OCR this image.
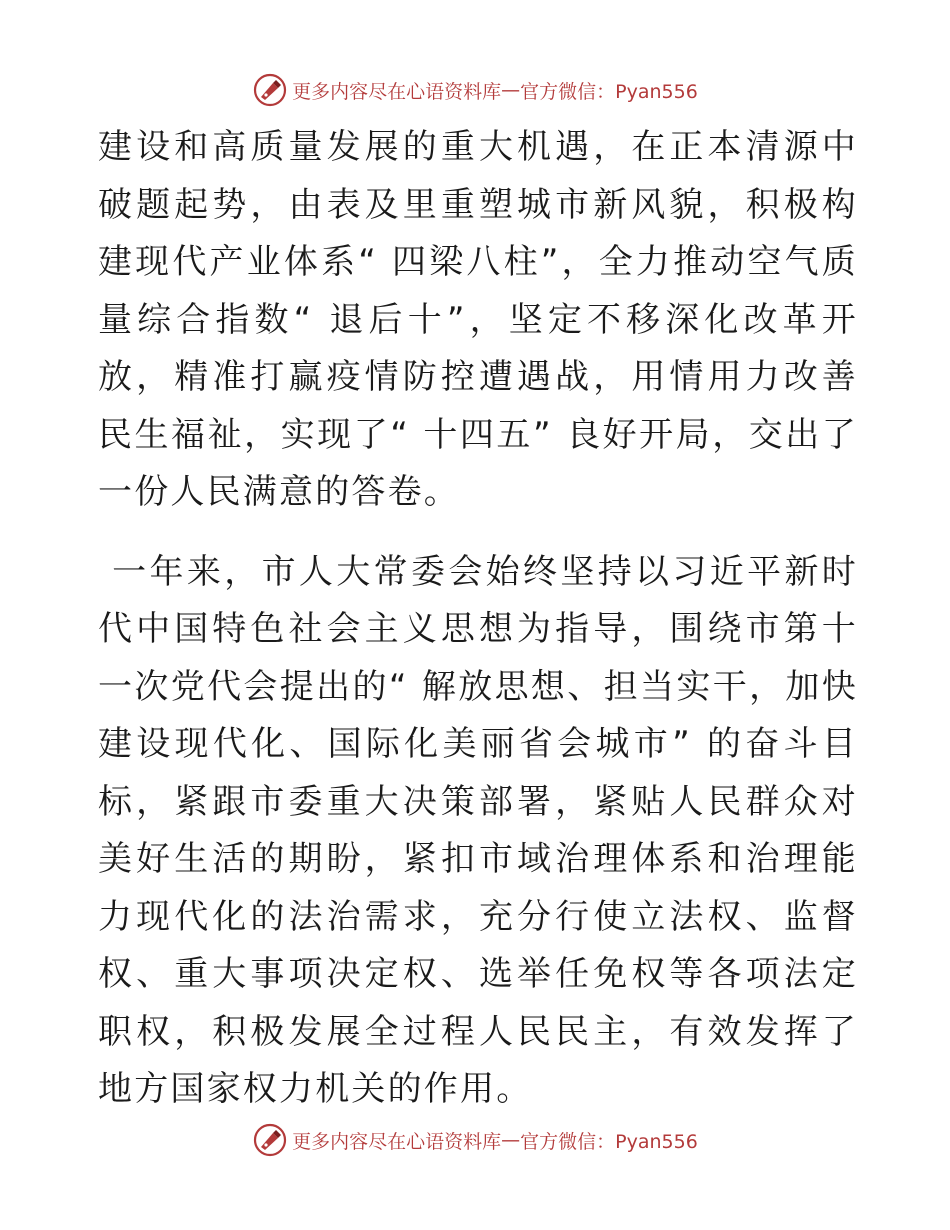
更多内容尽在心语资料库 — 官方微信：Pyan556

建设和高质量发展的重大机遇，在正本清源中破题起势，由表及里重塑城市新风貌，积极构建现代产业体系“ 四梁八柱”，全力推动空气质量综合指数“ 退后十”，坚定不移深化改革开放，精准打赢疫情防控遭遇战，用情用力改善民生福祉，实现了“ 十四五” 良好开局，交出了一份人民满意的答卷。

一年来，市人大常委会始终坚持以习近平新时代中国特色社会主义思想为指导，围绕市第十一次党代会提出的“ 解放思想、担当实干，加快建设现代化、国际化美丽省会城市” 的奋斗目标，紧跟市委重大决策部署，紧贴人民群众对美好生活的期盼，紧扣市域治理体系和治理能力现代化的法治需求，充分行使立法权、监督权、重大事项决定权、选举任免权等各项法定职权，积极发展全过程人民民主，有效发挥了地方国家权力机关的作用。

更多内容尽在心语资料库 — 官方微信：Pyan556
